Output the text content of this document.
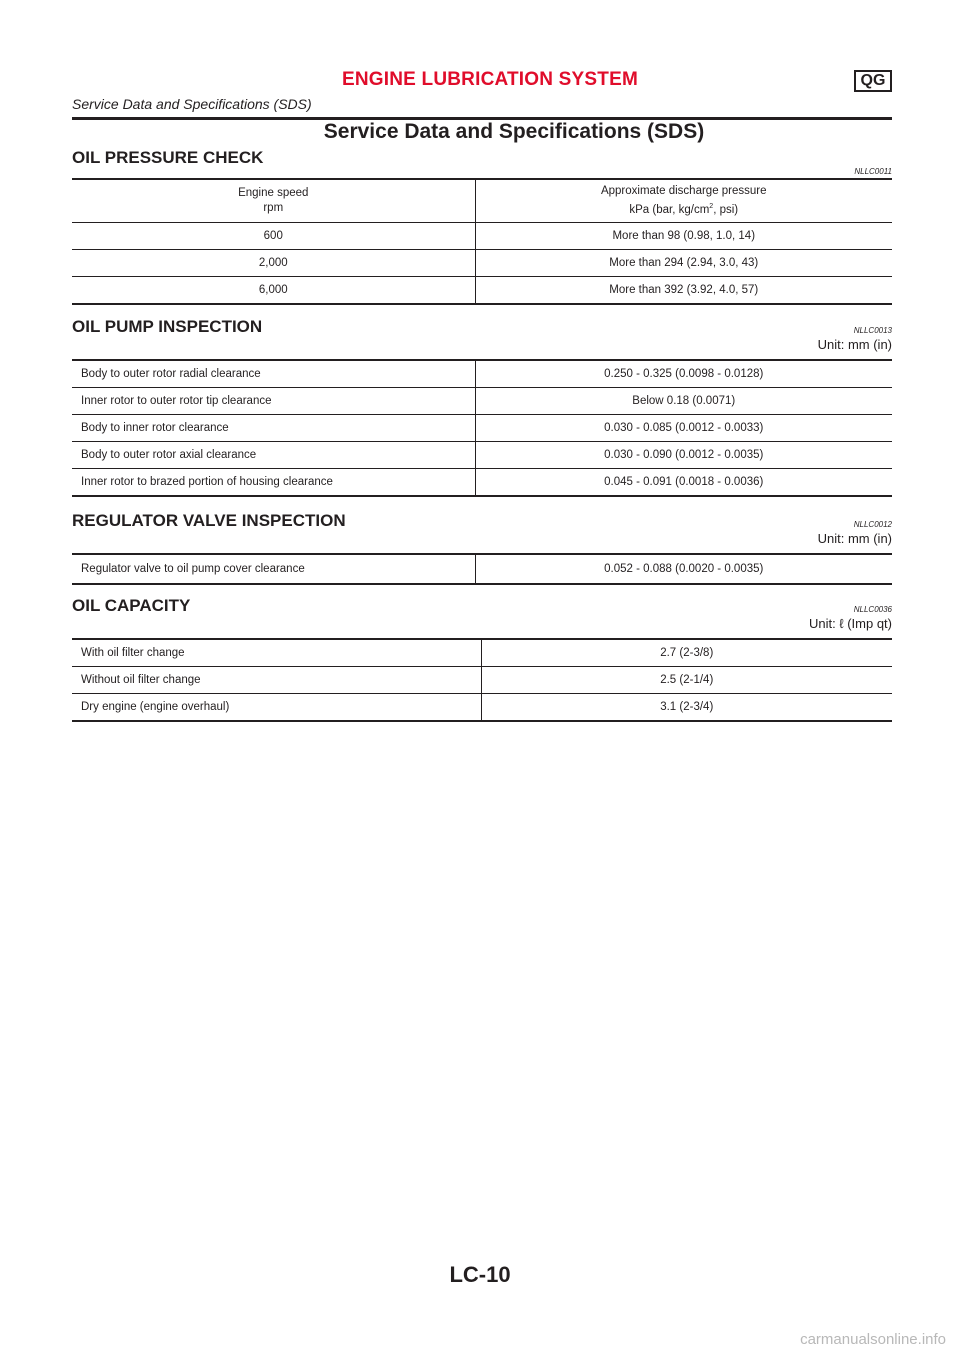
ENGINE LUBRICATION SYSTEM	QG
Service Data and Specifications (SDS)
Service Data and Specifications (SDS)
OIL PRESSURE CHECK
NLLC0011
Engine speed
rpm	Approximate discharge pressure
kPa (bar, $kg/cm^2$, psi)

600	More than 98 (0.98, 1.0, 14)
2,000	More than 294 (2.94, 3.0, 43)
6,000	More than 392 (3.92, 4.0, 57)
OIL PUMP INSPECTION	NLLC0013
Unit: mm (in)
Body to outer rotor radial clearance	0.250 - 0.325 (0.0098 - 0.0128)
Inner rotor to outer rotor tip clearance	Below 0.18 (0.0071)
Body to inner rotor clearance	0.030 - 0.085 (0.0012 - 0.0033)
Body to outer rotor axial clearance	0.030 - 0.090 (0.0012 - 0.0035)
Inner rotor to brazed portion of housing clearance	0.045 - 0.091 (0.0018 - 0.0036)
REGULATOR VALVE INSPECTION	NLLC0012
Unit: mm (in)
Regulator valve to oil pump cover clearance	0.052 - 0.088 (0.0020 - 0.0035)
OIL CAPACITY	NLLC0036
Unit: ℓ (Imp qt)
With oil filter change	2.7 (2-3/8)
Without oil filter change	2.5 (2-1/4)
Dry engine (engine overhaul)	3.1 (2-3/4)
LC-10
carmanualsonline.info
